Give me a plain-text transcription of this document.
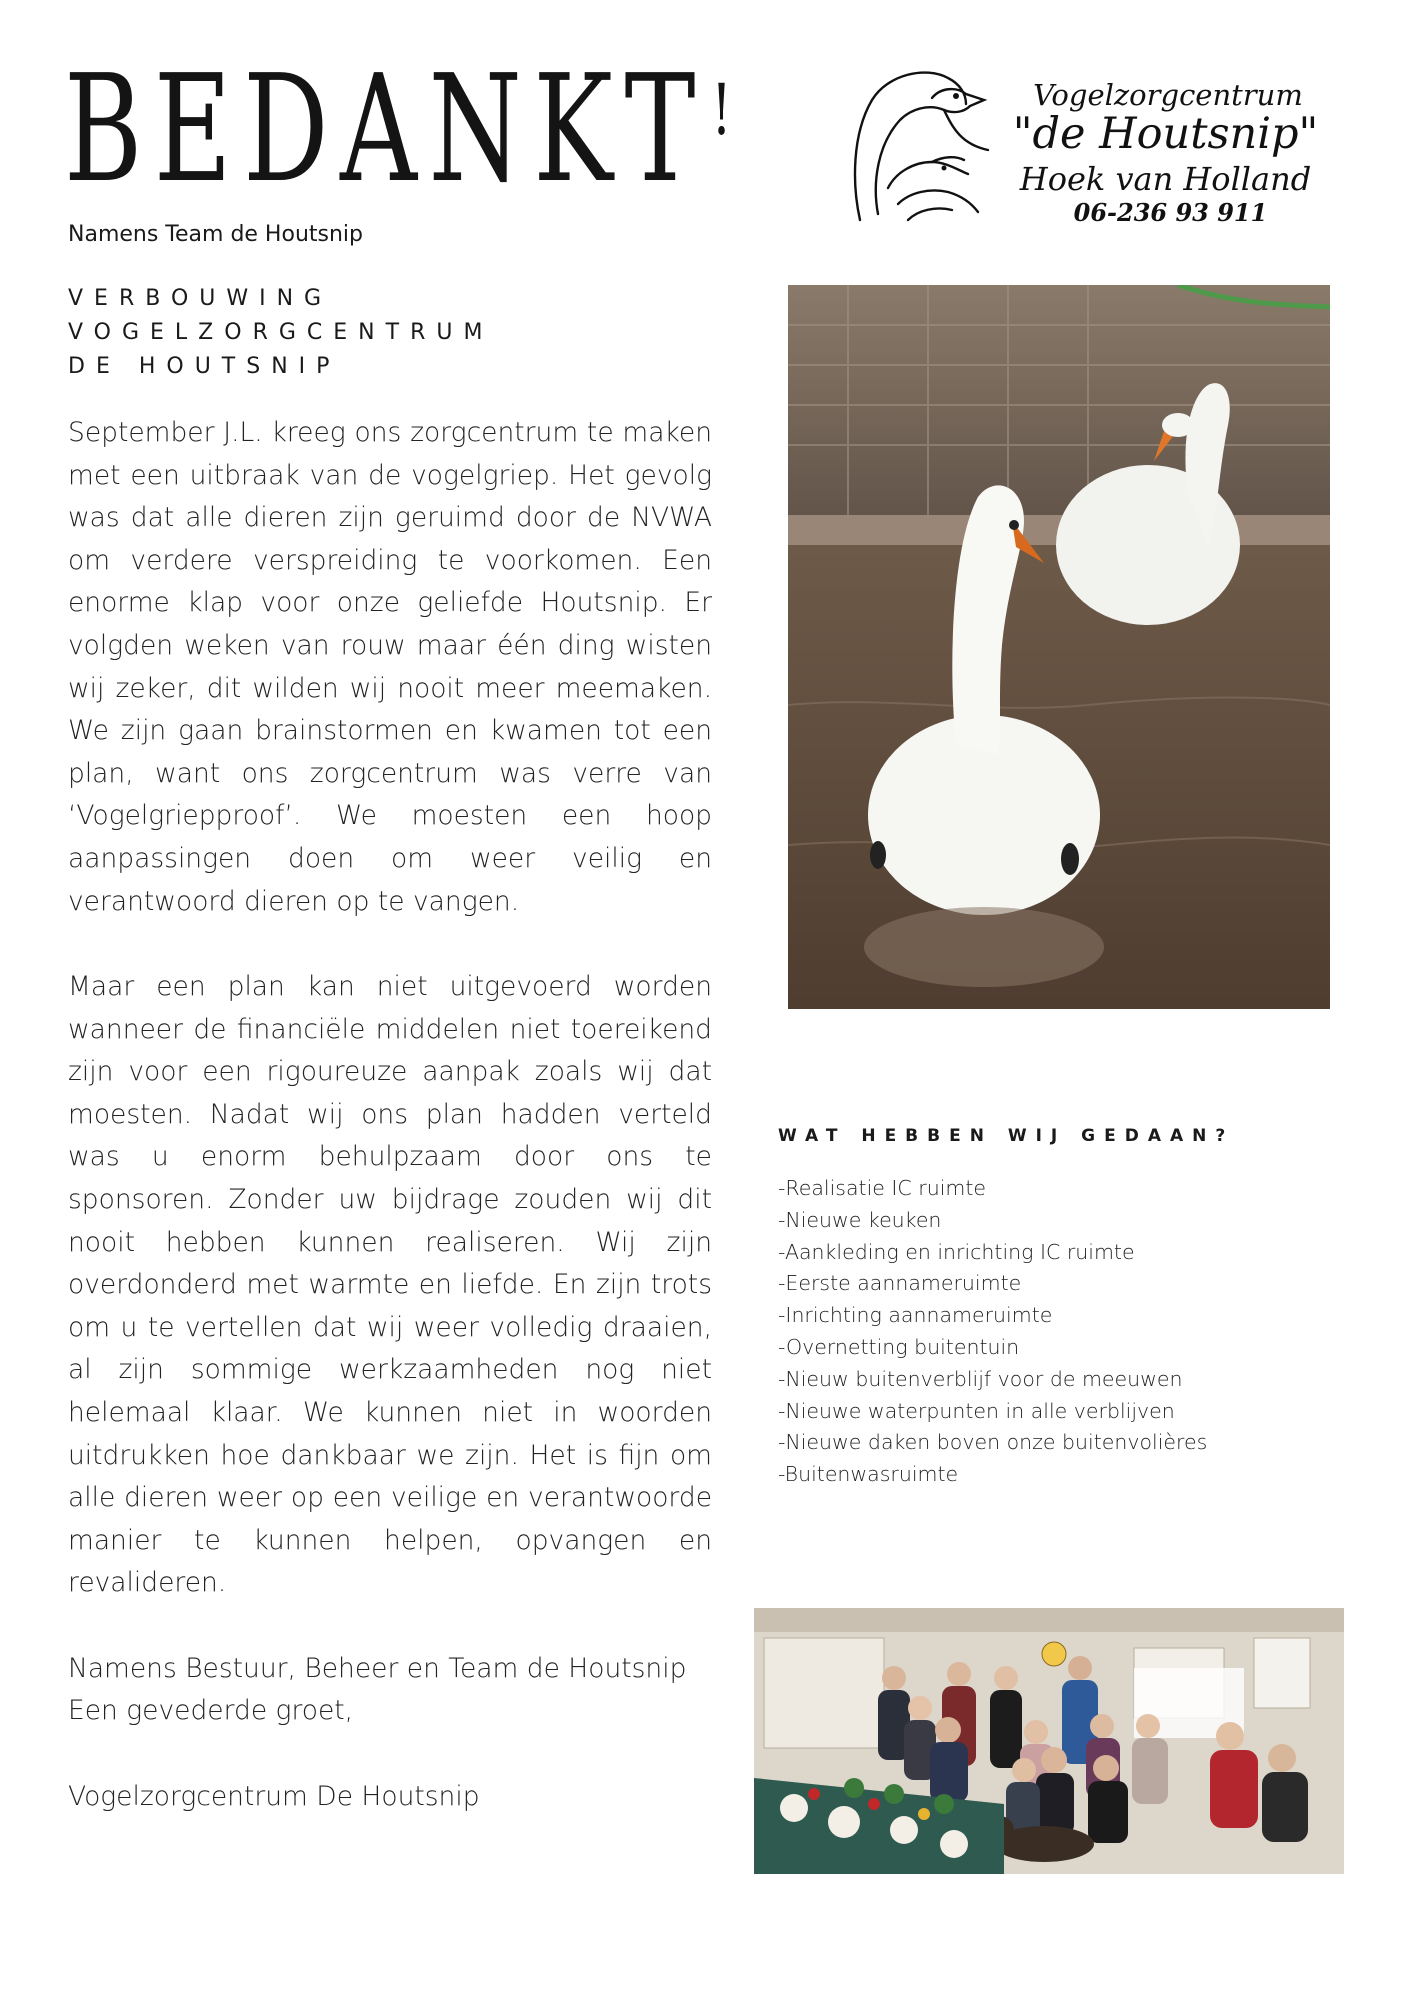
BEDANKT!
Namens Team de Houtsnip
VERBOUWING
VOGELZORGCENTRUM
DE HOUTSNIP

September J.L. kreeg ons zorgcentrum te maken met een uitbraak van de vogelgriep. Het gevolg was dat alle dieren zijn geruimd door de NVWA om verdere verspreiding te voorkomen. Een enorme klap voor onze geliefde Houtsnip. Er volgden weken van rouw maar één ding wisten wij zeker, dit wilden wij nooit meer meemaken. We zijn gaan brainstormen en kwamen tot een plan, want ons zorgcentrum was verre van ‘Vogelgriepproof’. We moesten een hoop aanpassingen doen om weer veilig en verantwoord dieren op te vangen.

Maar een plan kan niet uitgevoerd worden wanneer de financiële middelen niet toereikend zijn voor een rigoureuze aanpak zoals wij dat moesten. Nadat wij ons plan hadden verteld was u enorm behulpzaam door ons te sponsoren. Zonder uw bijdrage zouden wij dit nooit hebben kunnen realiseren. Wij zijn overdonderd met warmte en liefde. En zijn trots om u te vertellen dat wij weer volledig draaien, al zijn sommige werkzaamheden nog niet helemaal klaar. We kunnen niet in woorden uitdrukken hoe dankbaar we zijn. Het is fijn om alle dieren weer op een veilige en verantwoorde manier te kunnen helpen, opvangen en revalideren.

Namens Bestuur, Beheer en Team de Houtsnip
Een gevederde groet,
Vogelzorgcentrum De Houtsnip
Vogelzorgcentrum
"de Houtsnip"
Hoek van Holland
06-236 93 911
WAT HEBBEN WIJ GEDAAN?
-Realisatie IC ruimte
-Nieuwe keuken
-Aankleding en inrichting IC ruimte
-Eerste aannameruimte
-Inrichting aannameruimte
-Overnetting buitentuin
-Nieuw buitenverblijf voor de meeuwen
-Nieuwe waterpunten in alle verblijven
-Nieuwe daken boven onze buitenvolières
-Buitenwasruimte
